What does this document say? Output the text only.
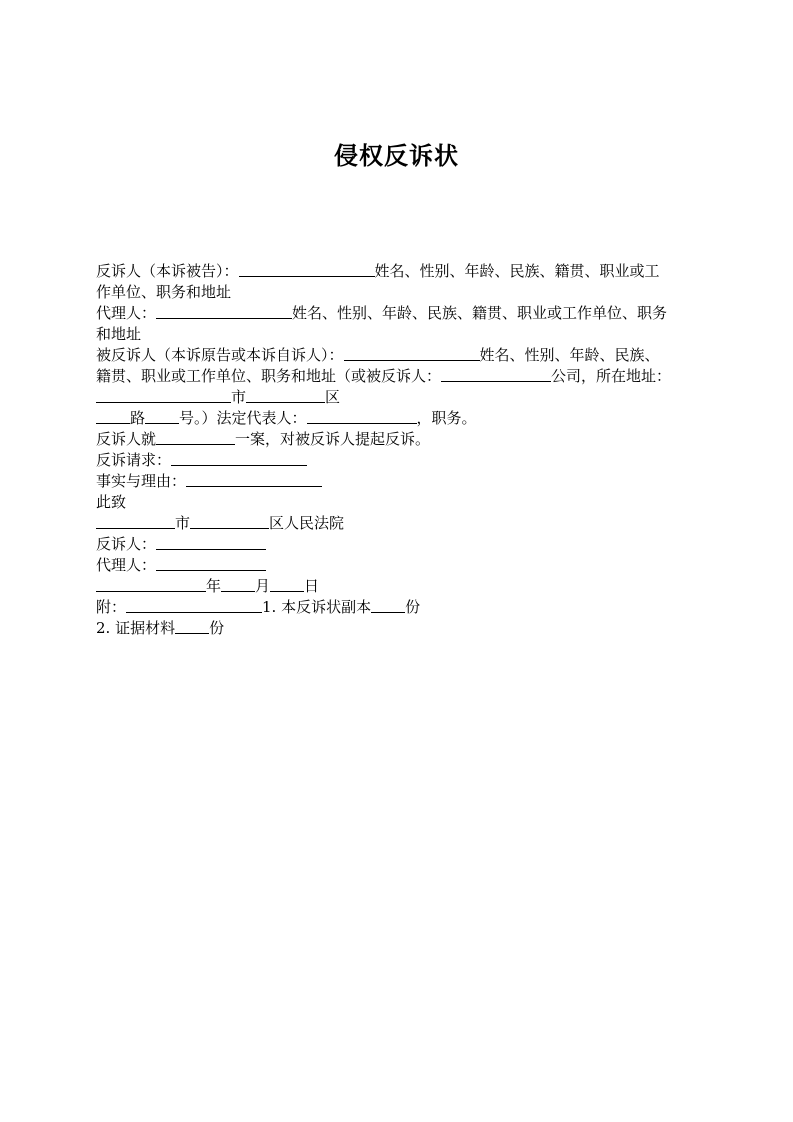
侵权反诉状
反诉人（本诉被告）：	姓名、性别、年龄、民族、籍贯、职业或工
作单位、职务和地址
代理人：	姓名、性别、年龄、民族、籍贯、职业或工作单位、职务
和地址
被反诉人（本诉原告或本诉自诉人）：	姓名、性别、年龄、民族、
籍贯、职业或工作单位、职务和地址（或被反诉人：	公司，所在地址：
市	区
路 号。）法定代表人：	，职务。
反诉人就	一案，对被反诉人提起反诉。
反诉请求：
事实与理由：
此致
市	区人民法院
反诉人：
代理人：
年 月 日
附：	1. 本反诉状副本 份
2. 证据材料 份
